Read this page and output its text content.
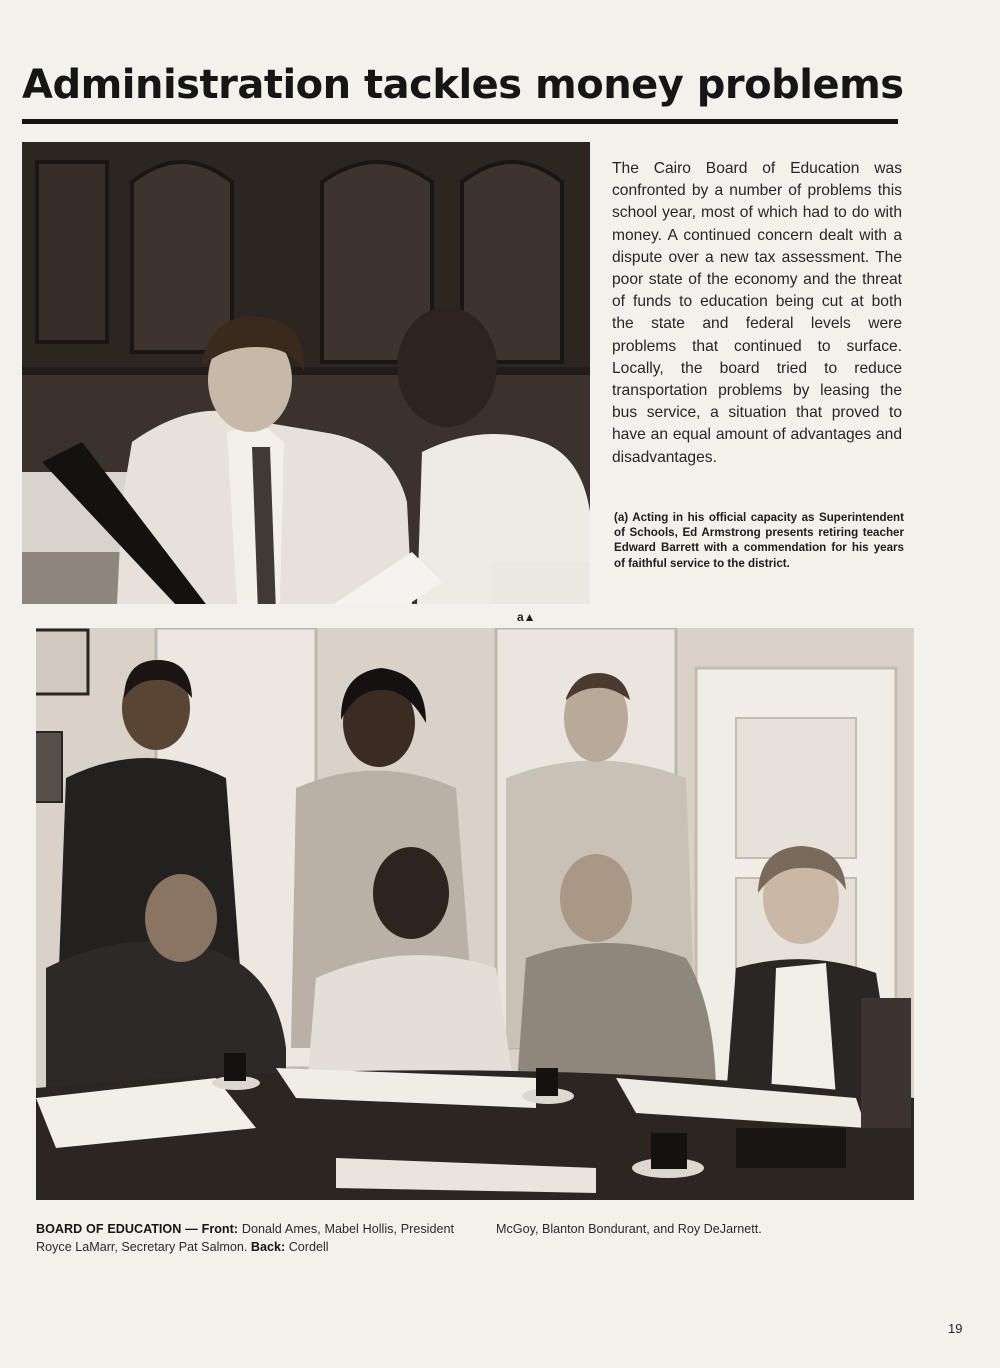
Administration tackles money problems

The Cairo Board of Education was confronted by a number of problems this school year, most of which had to do with money. A continued concern dealt with a dispute over a new tax assessment. The poor state of the economy and the threat of funds to education being cut at both the state and federal levels were problems that continued to surface. Locally, the board tried to reduce transportation problems by leasing the bus service, a situation that proved to have an equal amount of advantages and disadvantages.

(a) Acting in his official capacity as Superintendent of Schools, Ed Armstrong presents retiring teacher Edward Barrett with a commendation for his years of faithful service to the district.

a▲
BOARD OF EDUCATION — Front: Donald Ames, Mabel Hollis, President Royce LaMarr, Secretary Pat Salmon. Back: Cordell
McGoy, Blanton Bondurant, and Roy DeJarnett.
19
